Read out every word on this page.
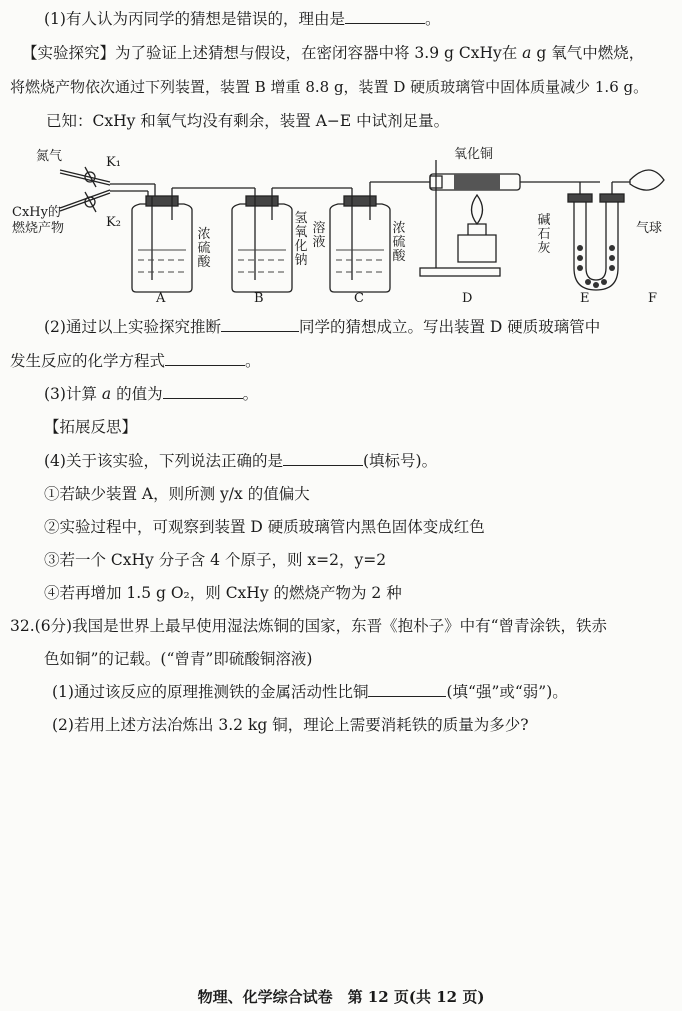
(1)有人认为丙同学的猜想是错误的，理由是	。
【实验探究】为了验证上述猜想与假设，在密闭容器中将 3.9 g CxHy在 a g 氧气中燃烧，
将燃烧产物依次通过下列装置，装置 B 增重 8.8 g，装置 D 硬质玻璃管中固体质量减少 1.6 g。
已知：CxHy 和氧气均没有剩余，装置 A−E 中试剂足量。
氮气	K₁
K₂
CxHy的
燃烧产物	浓硫酸
氢氧化钠
溶液
浓硫酸
氧化铜
碱石灰
气球
A	B	C	D	E	F
(2)通过以上实验探究推断	同学的猜想成立。写出装置 D 硬质玻璃管中
发生反应的化学方程式	。
(3)计算 a 的值为	。
【拓展反思】
(4)关于该实验，下列说法正确的是	(填标号)。
①若缺少装置 A，则所测 y/x 的值偏大
②实验过程中，可观察到装置 D 硬质玻璃管内黑色固体变成红色
③若一个 CxHy 分子含 4 个原子，则 x=2，y=2
④若再增加 1.5 g O₂，则 CxHy 的燃烧产物为 2 种
32.(6分)我国是世界上最早使用湿法炼铜的国家，东晋《抱朴子》中有“曾青涂铁，铁赤
色如铜”的记载。(“曾青”即硫酸铜溶液)
(1)通过该反应的原理推测铁的金属活动性比铜	(填“强”或“弱”)。
(2)若用上述方法冶炼出 3.2 kg 铜，理论上需要消耗铁的质量为多少?
物理、化学综合试卷　第 12 页(共 12 页)
